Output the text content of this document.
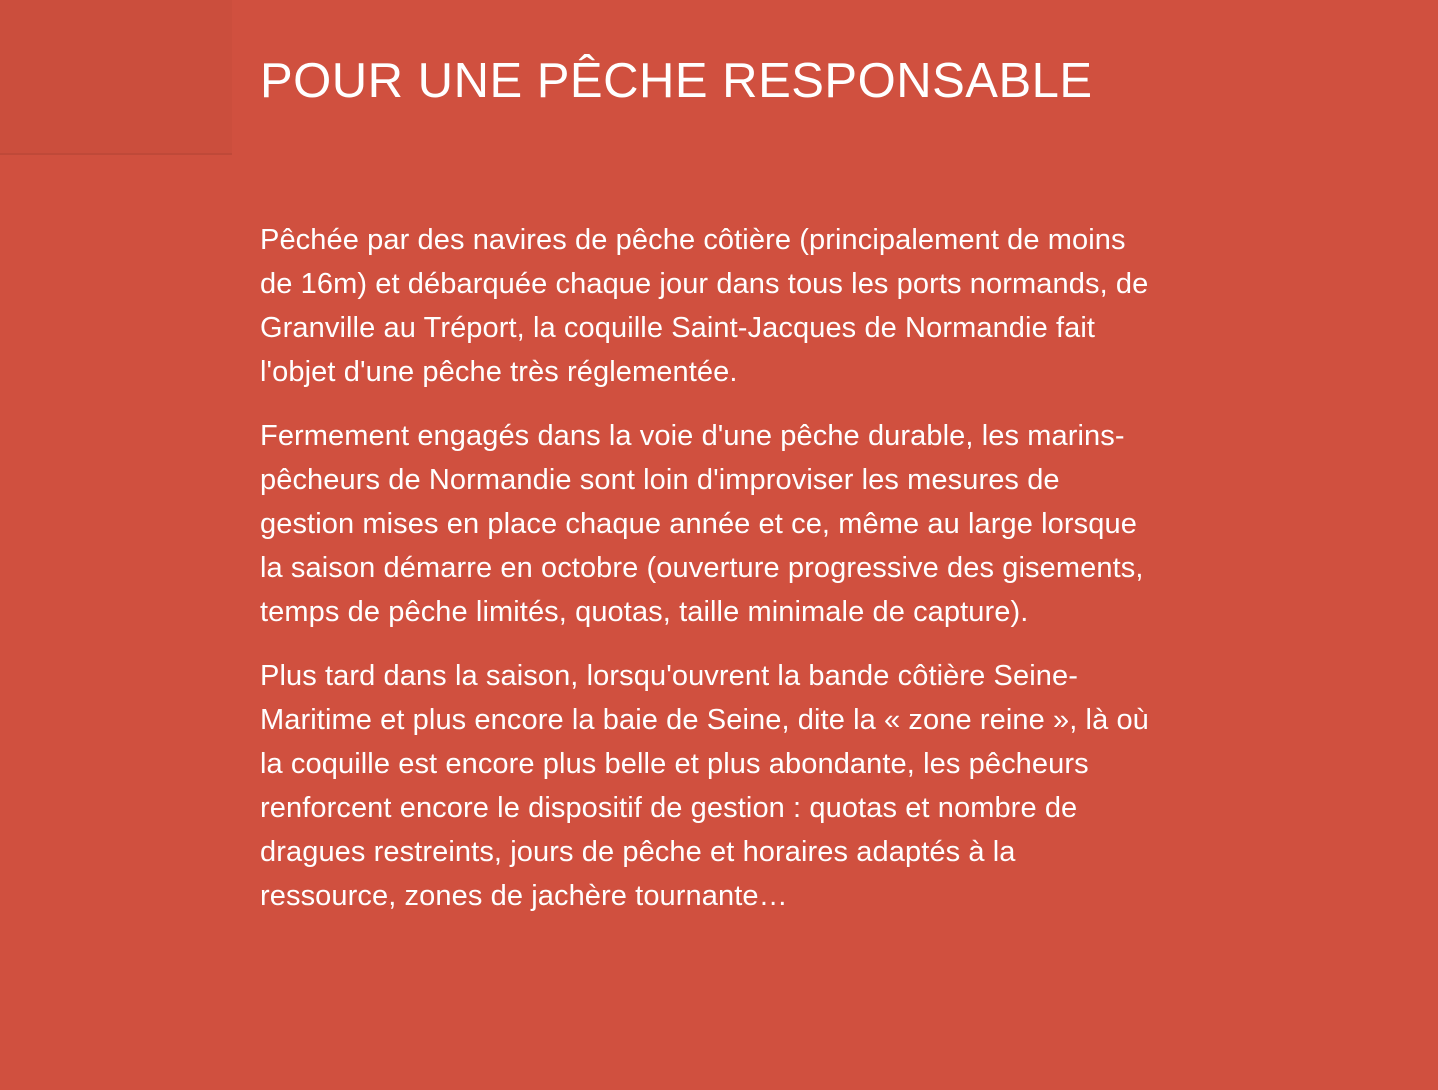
POUR UNE PÊCHE RESPONSABLE

Pêchée par des navires de pêche côtière (principalement de moins de 16m) et débarquée chaque jour dans tous les ports normands, de Granville au Tréport, la coquille Saint-Jacques de Normandie fait l'objet d'une pêche très réglementée.

Fermement engagés dans la voie d'une pêche durable, les marins-pêcheurs de Normandie sont loin d'improviser les mesures de gestion mises en place chaque année et ce, même au large lorsque la saison démarre en octobre (ouverture progressive des gisements, temps de pêche limités, quotas, taille minimale de capture).

Plus tard dans la saison, lorsqu'ouvrent la bande côtière Seine-Maritime et plus encore la baie de Seine, dite la « zone reine », là où la coquille est encore plus belle et plus abondante, les pêcheurs renforcent encore le dispositif de gestion : quotas et nombre de dragues restreints, jours de pêche et horaires adaptés à la ressource, zones de jachère tournante…
